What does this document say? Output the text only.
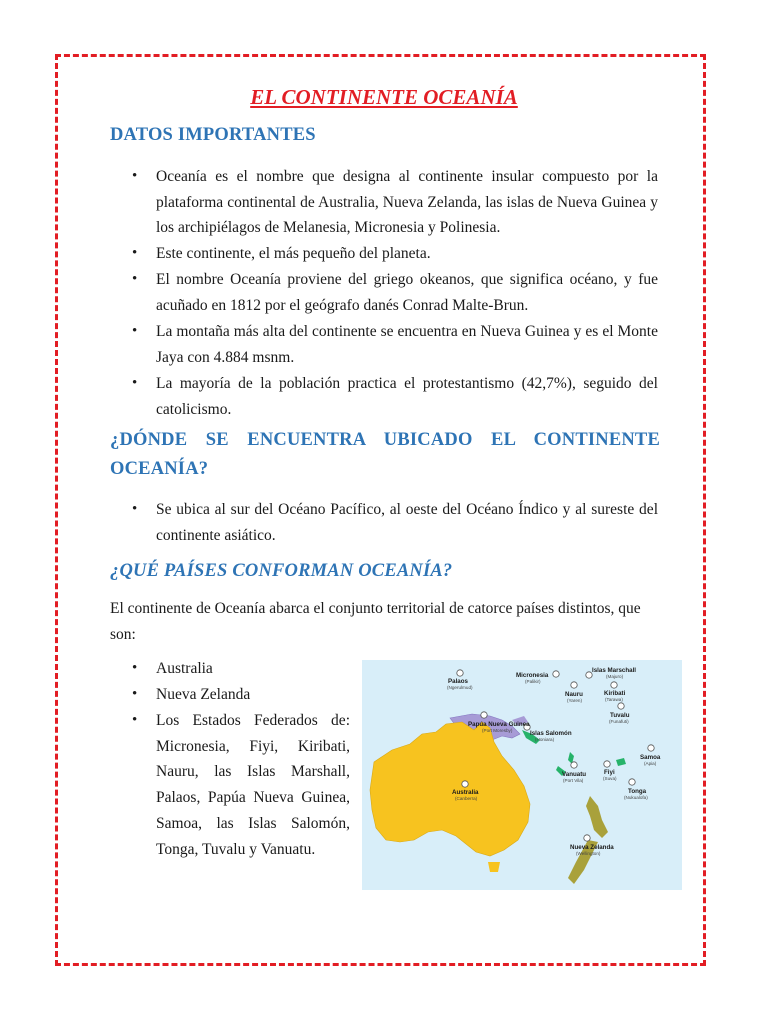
EL CONTINENTE OCEANÍA
DATOS IMPORTANTES
• Oceanía es el nombre que designa al continente insular compuesto por la plataforma continental de Australia, Nueva Zelanda, las islas de Nueva Guinea y los archipiélagos de Melanesia, Micronesia y Polinesia.
• Este continente, el más pequeño del planeta.
• El nombre Oceanía proviene del griego okeanos, que significa océano, y fue acuñado en 1812 por el geógrafo danés Conrad Malte-Brun.
• La montaña más alta del continente se encuentra en Nueva Guinea y es el Monte Jaya con 4.884 msnm.
• La mayoría de la población practica el protestantismo (42,7%), seguido del catolicismo.
¿DÓNDE SE ENCUENTRA UBICADO EL CONTINENTE OCEANÍA?
• Se ubica al sur del Océano Pacífico, al oeste del Océano Índico y al sureste del continente asiático.
¿QUÉ PAÍSES CONFORMAN OCEANÍA?

El continente de Oceanía abarca el conjunto territorial de catorce países distintos, que son:

• Australia
• Nueva Zelanda
• Los Estados Federados de: Micronesia, Fiyi, Kiribati, Nauru, las Islas Marshall, Palaos, Papúa Nueva Guinea, Samoa, las Islas Salomón, Tonga, Tuvalu y Vanuatu.
Palaos
Micronesia
Islas Marschall
Nauru	Kiribati
Papúa Nueva Guinea
Tuvalu
Islas Salomón
Samoa
Vanuatu	Fiyi
Tonga
Australia
Nueva Zelanda
(Ngerulmud)
(Palikir)
(Majuro)
(Yaren)	(Tarawa)
(Port Moresby)
(Funafuti)
(Honiara)
(Apia)
(Port Vila)	(Suva)
(Nukualofa)
(Canberra)
(Wellington)
